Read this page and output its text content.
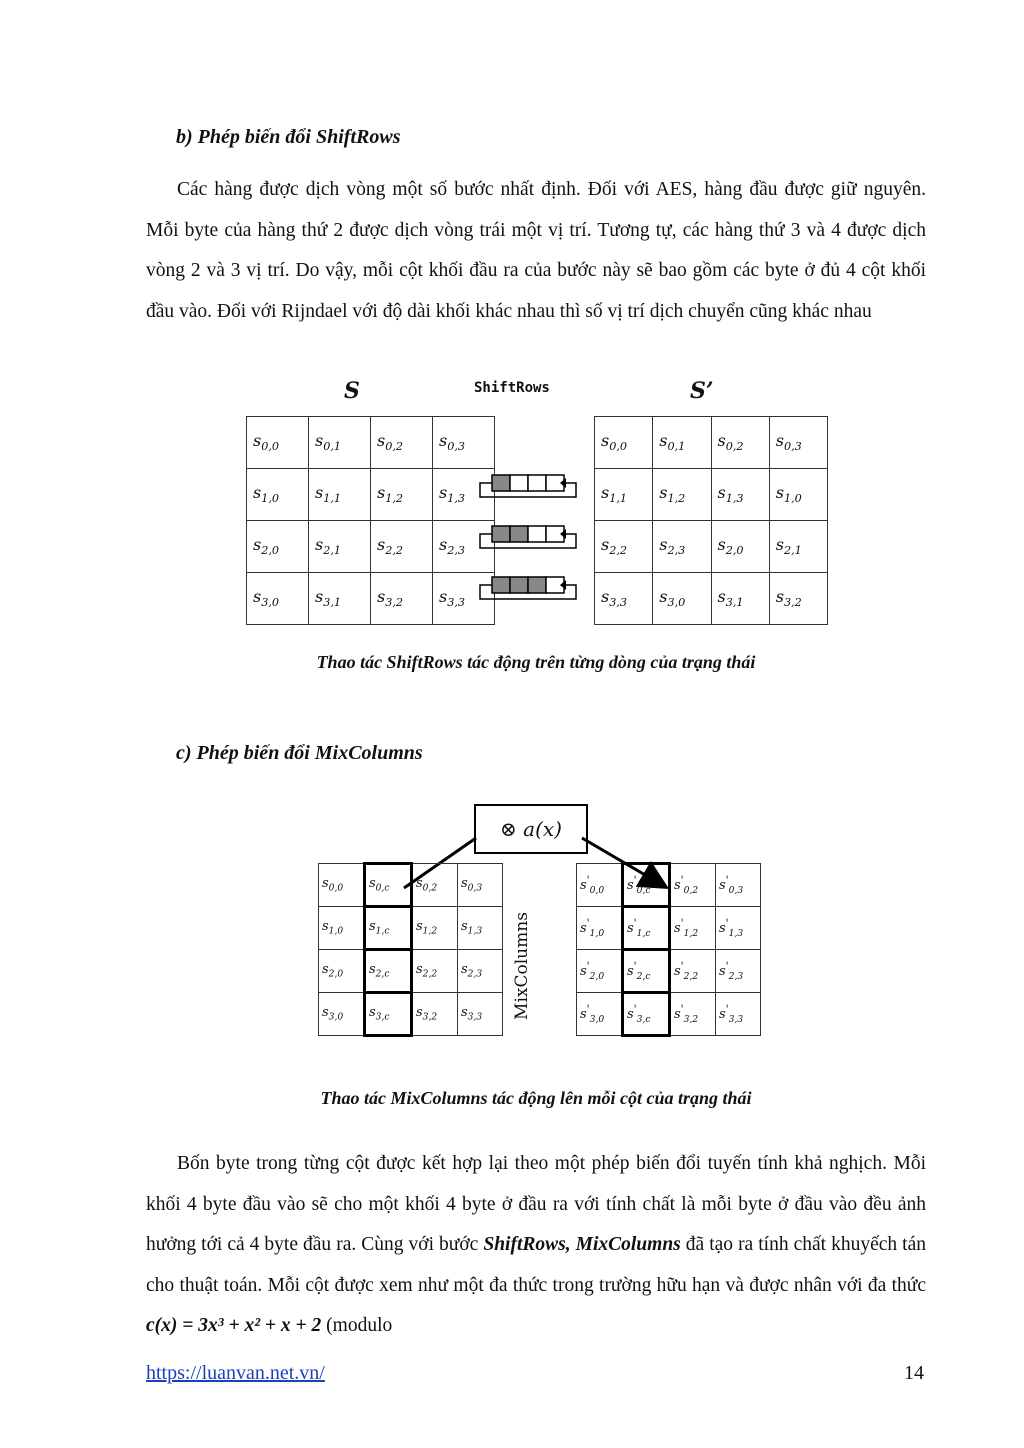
b) Phép biến đổi ShiftRows
Các hàng được dịch vòng một số bước nhất định. Đối với AES, hàng đầu được giữ nguyên. Mỗi byte của hàng thứ 2 được dịch vòng trái một vị trí. Tương tự, các hàng thứ 3 và 4 được dịch vòng 2 và 3 vị trí. Do vậy, mỗi cột khối đầu ra của bước này sẽ bao gồm các byte ở đủ 4 cột khối đầu vào. Đối với Rijndael với độ dài khối khác nhau thì số vị trí dịch chuyển cũng khác nhau
S	ShiftRows	S’
$s_{0,0}$	$s_{0,1}$	$s_{0,2}$	$s_{0,3}$
$s_{1,0}$	$s_{1,1}$	$s_{1,2}$	$s_{1,3}$
$s_{2,0}$	$s_{2,1}$	$s_{2,2}$	$s_{2,3}$
$s_{3,0}$	$s_{3,1}$	$s_{3,2}$	$s_{3,3}$
$s_{0,0}$	$s_{0,1}$	$s_{0,2}$	$s_{0,3}$
$s_{1,1}$	$s_{1,2}$	$s_{1,3}$	$s_{1,0}$
$s_{2,2}$	$s_{2,3}$	$s_{2,0}$	$s_{2,1}$
$s_{3,3}$	$s_{3,0}$	$s_{3,1}$	$s_{3,2}$
Thao tác ShiftRows tác động trên từng dòng của trạng thái
c) Phép biến đổi MixColumns
⊗ a(x)
$s_{0,0}$	$s_{0,c}$	$s_{0,2}$	$s_{0,3}$
$s_{1,0}$	$s_{1,c}$	$s_{1,2}$	$s_{1,3}$
$s_{2,0}$	$s_{2,c}$	$s_{2,2}$	$s_{2,3}$
$s_{3,0}$	$s_{3,c}$	$s_{3,2}$	$s_{3,3}$ MixColumns
$s'_{0,0}$	$s'_{0,c}$	$s'_{0,2}$	$s'_{0,3}$
$s'_{1,0}$	$s'_{1,c}$	$s'_{1,2}$	$s'_{1,3}$
$s'_{2,0}$	$s'_{2,c}$	$s'_{2,2}$	$s'_{2,3}$
$s'_{3,0}$	$s'_{3,c}$	$s'_{3,2}$	$s'_{3,3}$
Thao tác MixColumns tác động lên mỗi cột của trạng thái
Bốn byte trong từng cột được kết hợp lại theo một phép biến đổi tuyến tính khả nghịch. Mỗi khối 4 byte đầu vào sẽ cho một khối 4 byte ở đầu ra với tính chất là mỗi byte ở đầu vào đều ảnh hưởng tới cả 4 byte đầu ra. Cùng với bước ShiftRows, MixColumns đã tạo ra tính chất khuyếch tán cho thuật toán. Mỗi cột được xem như một đa thức trong trường hữu hạn và được nhân với đa thức c(x) = 3x³ + x² + x + 2 (modulo
https://luanvan.net.vn/	14
